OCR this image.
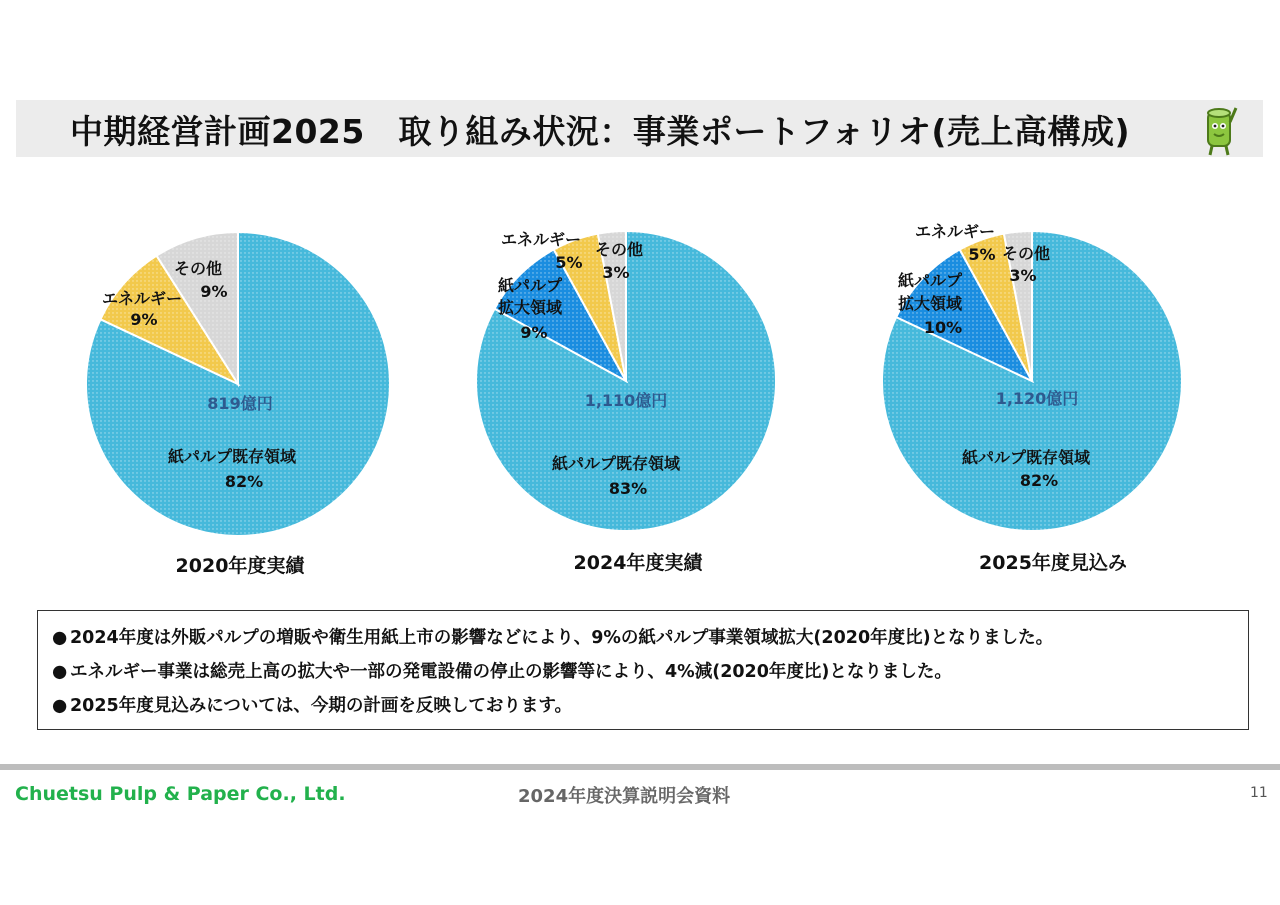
中期経営計画2025　取り組み状況：事業ポートフォリオ(売上高構成)
紙パルプ既存領域
82%
エネルギー
9%
その他
9%
819億円
紙パルプ既存領域
83%
紙パルプ
拡大領域
9%
エネルギー
5%
その他
3%
1,110億円
紙パルプ既存領域
82%
紙パルプ
拡大領域
10%
エネルギー
5% その他
3%
1,120億円
2020年度実績	2024年度実績	2025年度見込み
● 2024年度は外販パルプの増販や衛生用紙上市の影響などにより、9%の紙パルプ事業領域拡大(2020年度比)となりました。
● エネルギー事業は総売上高の拡大や一部の発電設備の停止の影響等により、4%減(2020年度比)となりました。
● 2025年度見込みについては、今期の計画を反映しております。
Chuetsu Pulp & Paper Co., Ltd.	2024年度決算説明会資料	11
